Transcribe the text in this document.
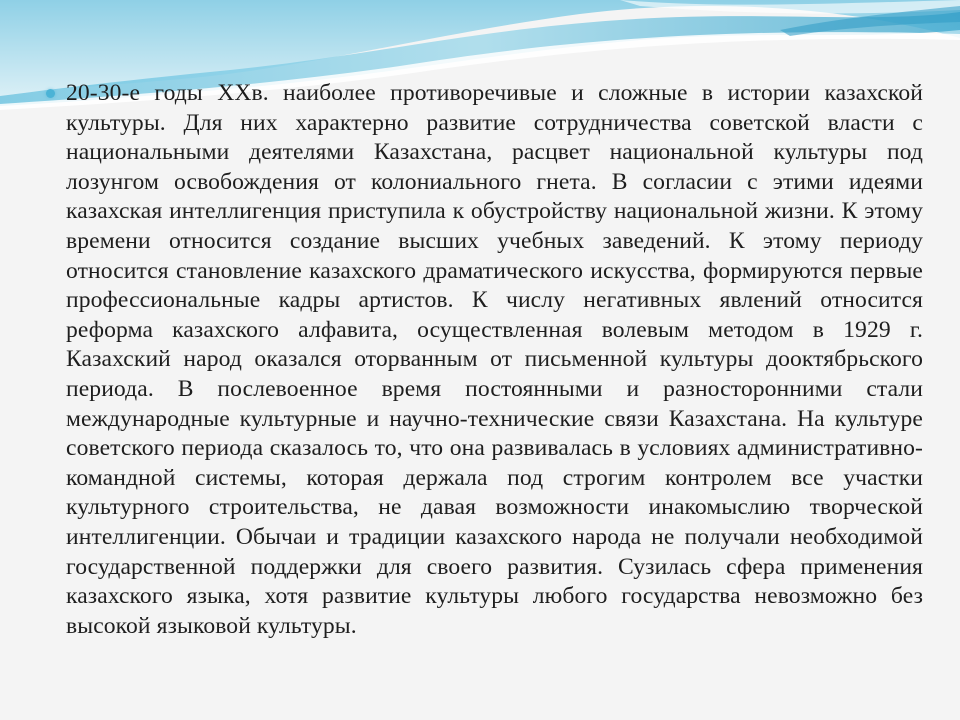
20-30-е годы XXв. наиболее противоречивые и сложные в истории казахской культуры. Для них характерно развитие сотрудничества советской власти с национальными деятелями Казахстана, расцвет национальной культуры под лозунгом освобождения от колониального гнета. В согласии с этими идеями казахская интеллигенция приступила к обустройству национальной жизни. К этому времени относится создание высших учебных заведений. К этому периоду относится становление казахского драматического искусства, формируются первые профессиональные кадры артистов. К числу негативных явлений относится реформа казахского алфавита, осуществленная волевым методом в 1929 г. Казахский народ оказался оторванным от письменной культуры доoктябрьского периода. В послевоенное время постоянными и разносторонними стали международные культурные и научно-технические связи Казахстана. На культуре советского периода сказалось то, что она развивалась в условиях административно-командной системы, которая держала под строгим контролем все участки культурного строительства, не давая возможности инакомыслию творческой интеллигенции. Обычаи и традиции казахского народа не получали необходимой государственной поддержки для своего развития. Сузилась сфера применения казахского языка, хотя развитие культуры любого государства невозможно без высокой языковой культуры.
